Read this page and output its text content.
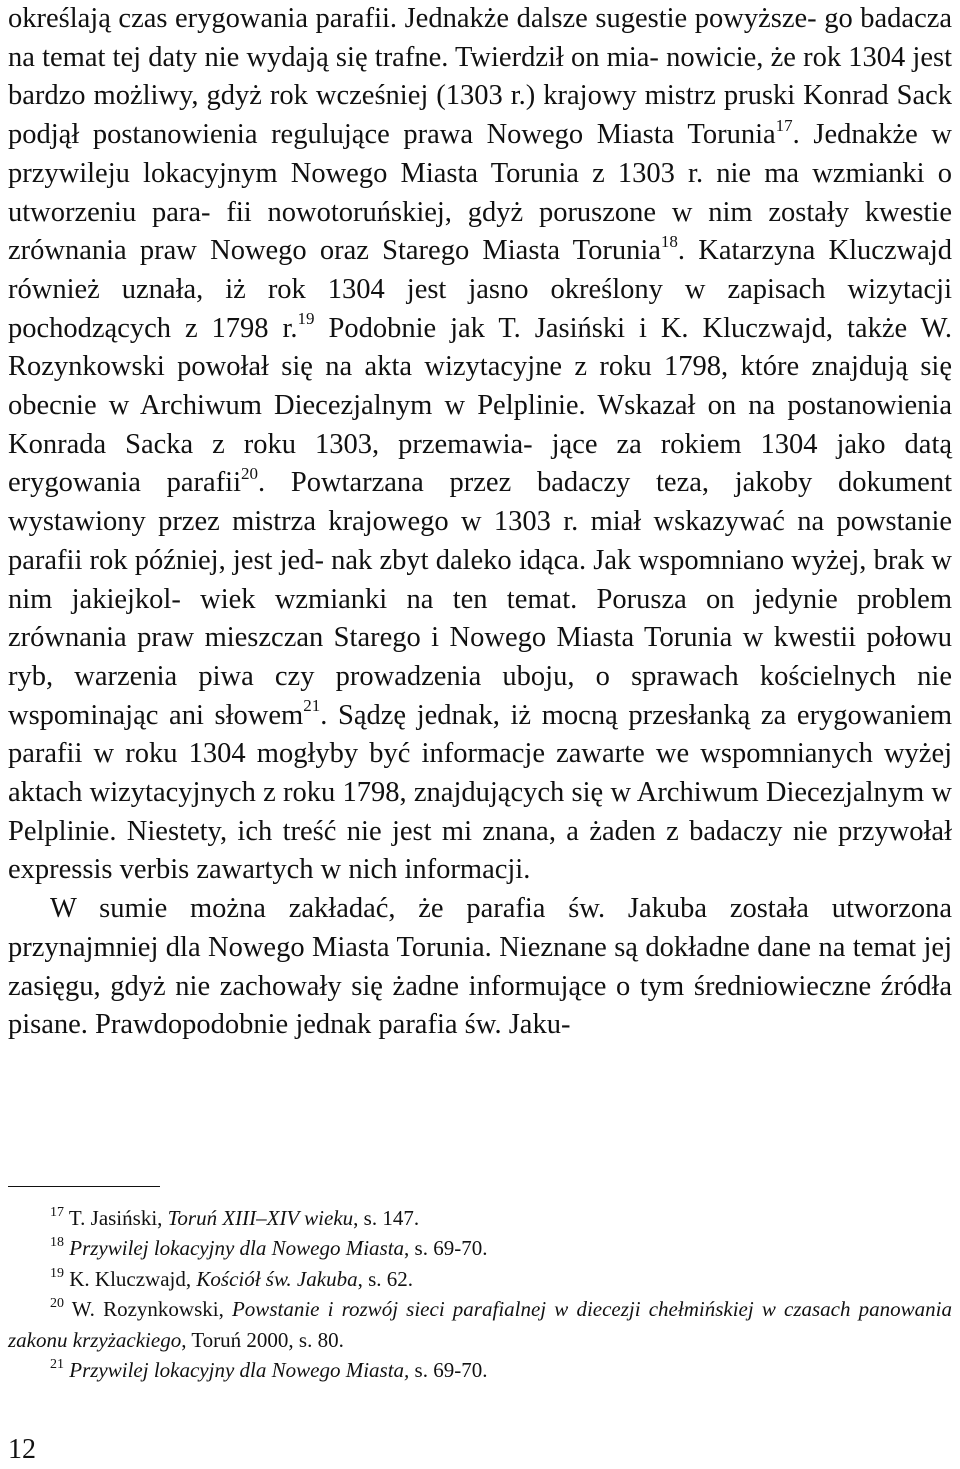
określają czas erygowania parafii. Jednakże dalsze sugestie powyższe- go badacza na temat tej daty nie wydają się trafne. Twierdził on mia- nowicie, że rok 1304 jest bardzo możliwy, gdyż rok wcześniej (1303 r.) krajowy mistrz pruski Konrad Sack podjął postanowienia regulujące prawa Nowego Miasta Torunia$^{17}$. Jednakże w przywileju lokacyjnym Nowego Miasta Torunia z 1303 r. nie ma wzmianki o utworzeniu para- fii nowotoruńskiej, gdyż poruszone w nim zostały kwestie zrównania praw Nowego oraz Starego Miasta Torunia$^{18}$. Katarzyna Kluczwajd również uznała, iż rok 1304 jest jasno określony w zapisach wizytacji pochodzących z 1798 r.$^{19}$ Podobnie jak T. Jasiński i K. Kluczwajd, także W. Rozynkowski powołał się na akta wizytacyjne z roku 1798, które znajdują się obecnie w Archiwum Diecezjalnym w Pelplinie. Wskazał on na postanowienia Konrada Sacka z roku 1303, przemawia- jące za rokiem 1304 jako datą erygowania parafii$^{20}$. Powtarzana przez badaczy teza, jakoby dokument wystawiony przez mistrza krajowego w 1303 r. miał wskazywać na powstanie parafii rok później, jest jed- nak zbyt daleko idąca. Jak wspomniano wyżej, brak w nim jakiejkol- wiek wzmianki na ten temat. Porusza on jedynie problem zrównania praw mieszczan Starego i Nowego Miasta Torunia w kwestii połowu ryb, warzenia piwa czy prowadzenia uboju, o sprawach kościelnych nie wspominając ani słowem$^{21}$. Sądzę jednak, iż mocną przesłanką za erygowaniem parafii w roku 1304 mogłyby być informacje zawarte we wspomnianych wyżej aktach wizytacyjnych z roku 1798, znajdujących się w Archiwum Diecezjalnym w Pelplinie. Niestety, ich treść nie jest mi znana, a żaden z badaczy nie przywołał expressis verbis zawartych w nich informacji.

W sumie można zakładać, że parafia św. Jakuba została utworzona przynajmniej dla Nowego Miasta Torunia. Nieznane są dokładne dane na temat jej zasięgu, gdyż nie zachowały się żadne informujące o tym średniowieczne źródła pisane. Prawdopodobnie jednak parafia św. Jaku-

$^{17}$ T. Jasiński, Toruń XIII–XIV wieku, s. 147.

$^{18}$ Przywilej lokacyjny dla Nowego Miasta, s. 69-70.

$^{19}$ K. Kluczwajd, Kościół św. Jakuba, s. 62.

$^{20}$ W. Rozynkowski, Powstanie i rozwój sieci parafialnej w diecezji chełmińskiej w czasach panowania zakonu krzyżackiego, Toruń 2000, s. 80.

$^{21}$ Przywilej lokacyjny dla Nowego Miasta, s. 69-70.

12
